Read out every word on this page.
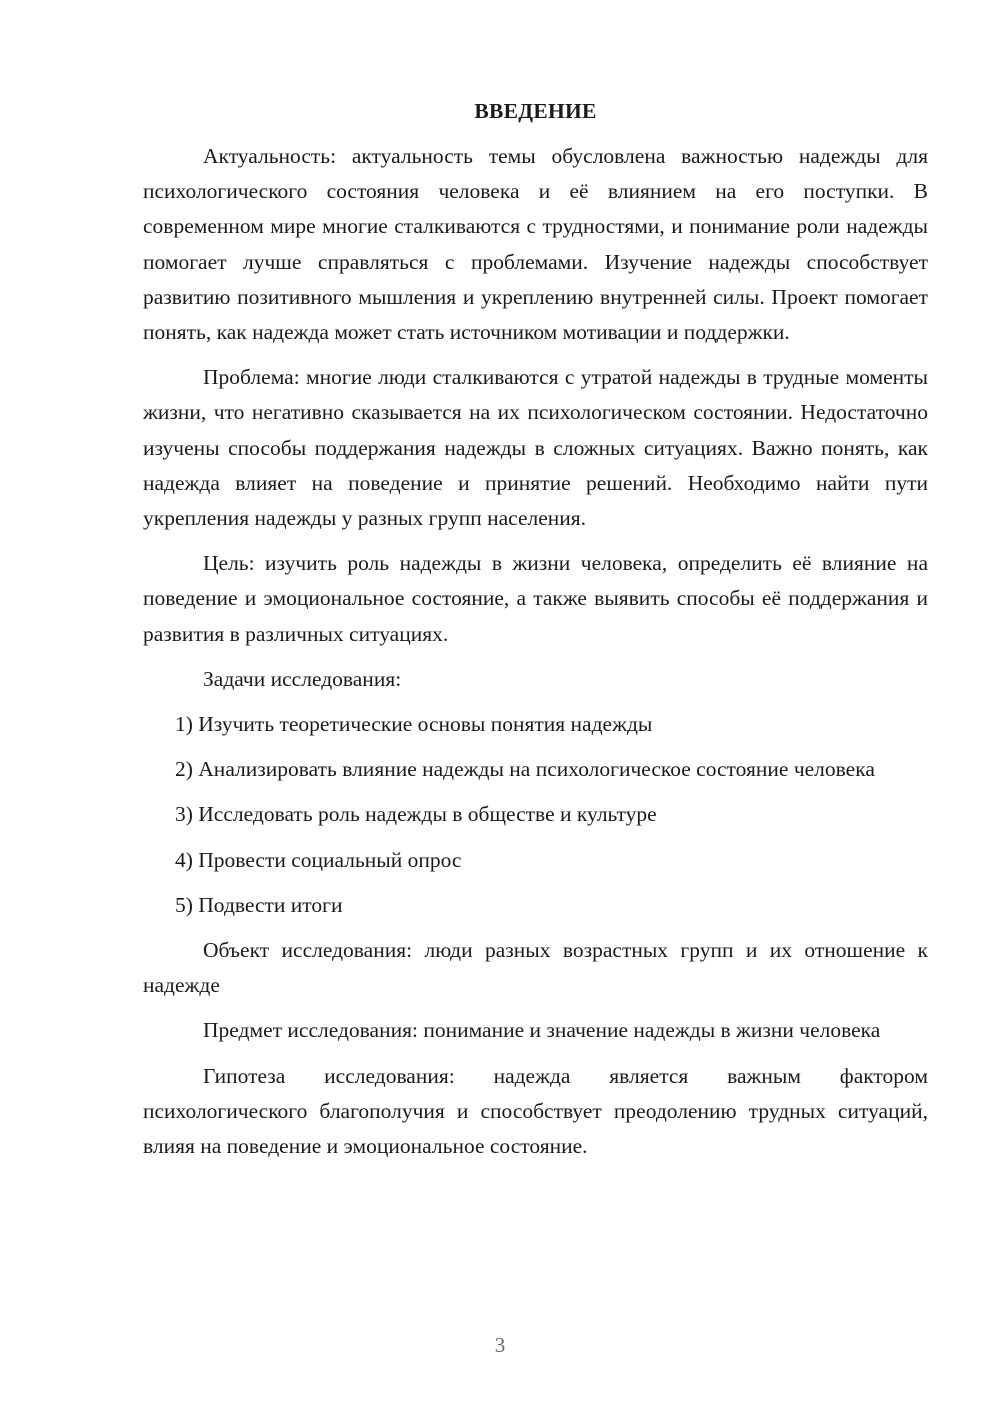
ВВЕДЕНИЕ

Актуальность: актуальность темы обусловлена важностью надежды для психологического состояния человека и её влиянием на его поступки. В современном мире многие сталкиваются с трудностями, и понимание роли надежды помогает лучше справляться с проблемами. Изучение надежды способствует развитию позитивного мышления и укреплению внутренней силы. Проект помогает понять, как надежда может стать источником мотивации и поддержки.

Проблема: многие люди сталкиваются с утратой надежды в трудные моменты жизни, что негативно сказывается на их психологическом состоянии. Недостаточно изучены способы поддержания надежды в сложных ситуациях. Важно понять, как надежда влияет на поведение и принятие решений. Необходимо найти пути укрепления надежды у разных групп населения.

Цель: изучить роль надежды в жизни человека, определить её влияние на поведение и эмоциональное состояние, а также выявить способы её поддержания и развития в различных ситуациях.

Задачи исследования:

1) Изучить теоретические основы понятия надежды

2) Анализировать влияние надежды на психологическое состояние человека

3) Исследовать роль надежды в обществе и культуре

4) Провести социальный опрос

5) Подвести итоги

Объект исследования: люди разных возрастных групп и их отношение к надежде

Предмет исследования: понимание и значение надежды в жизни человека

Гипотеза исследования: надежда является важным фактором психологического благополучия и способствует преодолению трудных ситуаций, влияя на поведение и эмоциональное состояние.

3
